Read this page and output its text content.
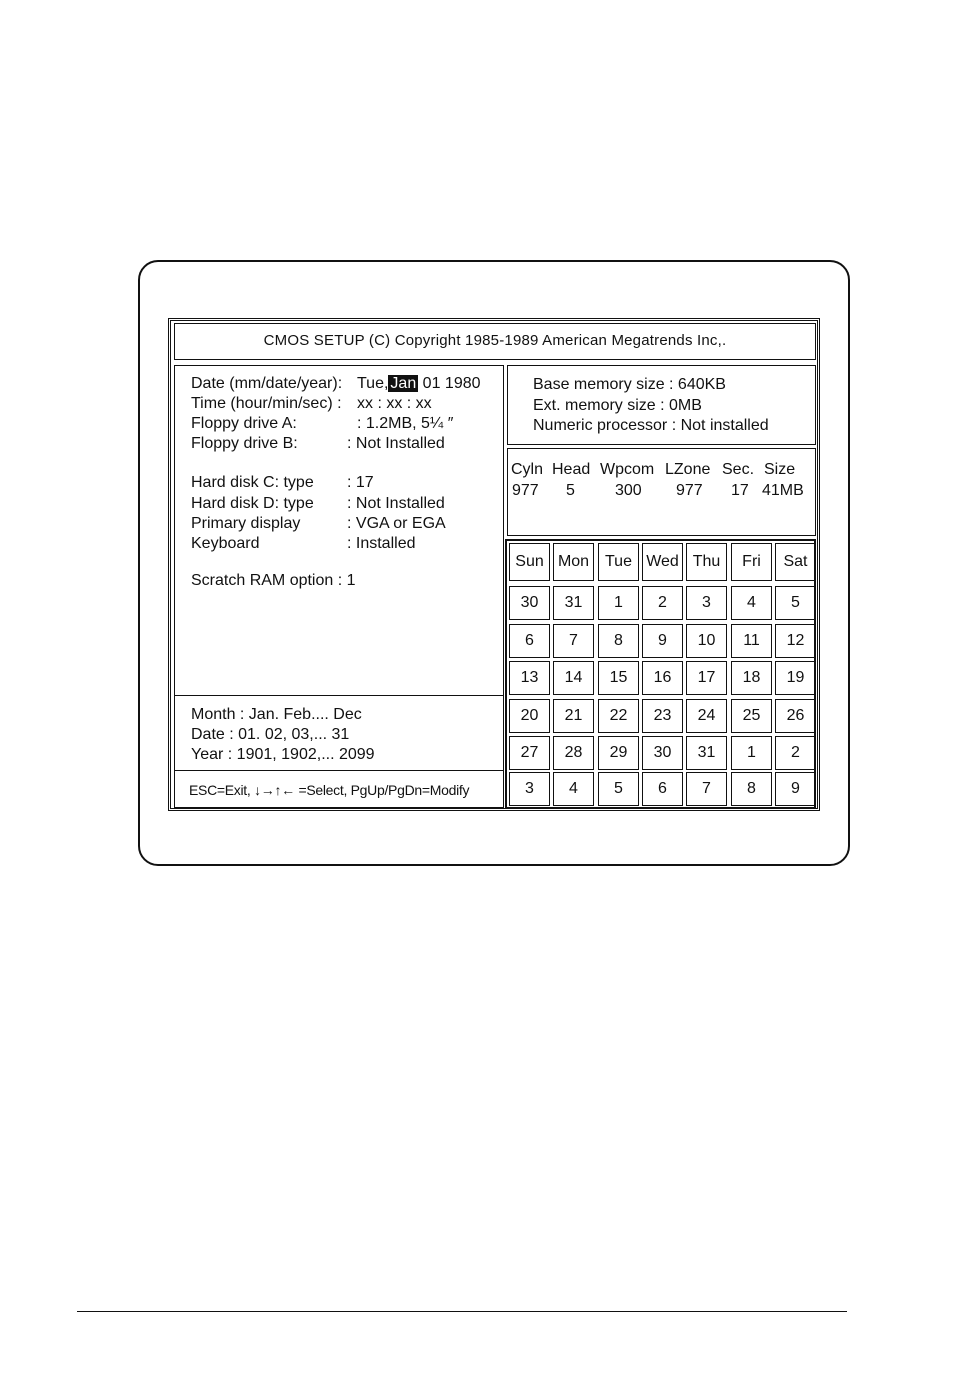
CMOS SETUP (C) Copyright 1985-1989 American Megatrends Inc,.
Date (mm/date/year): Tue, Jan 01 1980
Time (hour/min/sec) : xx : xx : xx
Floppy drive A:	: 1.2MB, 5¼ ″
Floppy drive B:	: Not Installed
Hard disk C: type : 17
Hard disk D: type : Not Installed
Primary display	: VGA or EGA
Keyboard	: Installed
Scratch RAM option : 1
Base memory size : 640KB
Ext. memory size : 0MB
Numeric processor : Not installed
Cyln Head Wpcom LZone Sec. Size
977 5	300 977 17 41MB
Month : Jan. Feb.... Dec
Date : 01. 02, 03,... 31
Year : 1901, 1902,... 2099
ESC=Exit, ↓→↑← =Select, PgUp/PgDn=Modify
Sun Mon Tue Wed Thu	Fri	Sat
30	31	1	2	3	4	5
6	7	8	9	10	11	12
13	14	15	16	17	18	19
20	21	22	23	24	25	26
27	28	29	30	31	1	2
3	4	5	6	7	8	9
